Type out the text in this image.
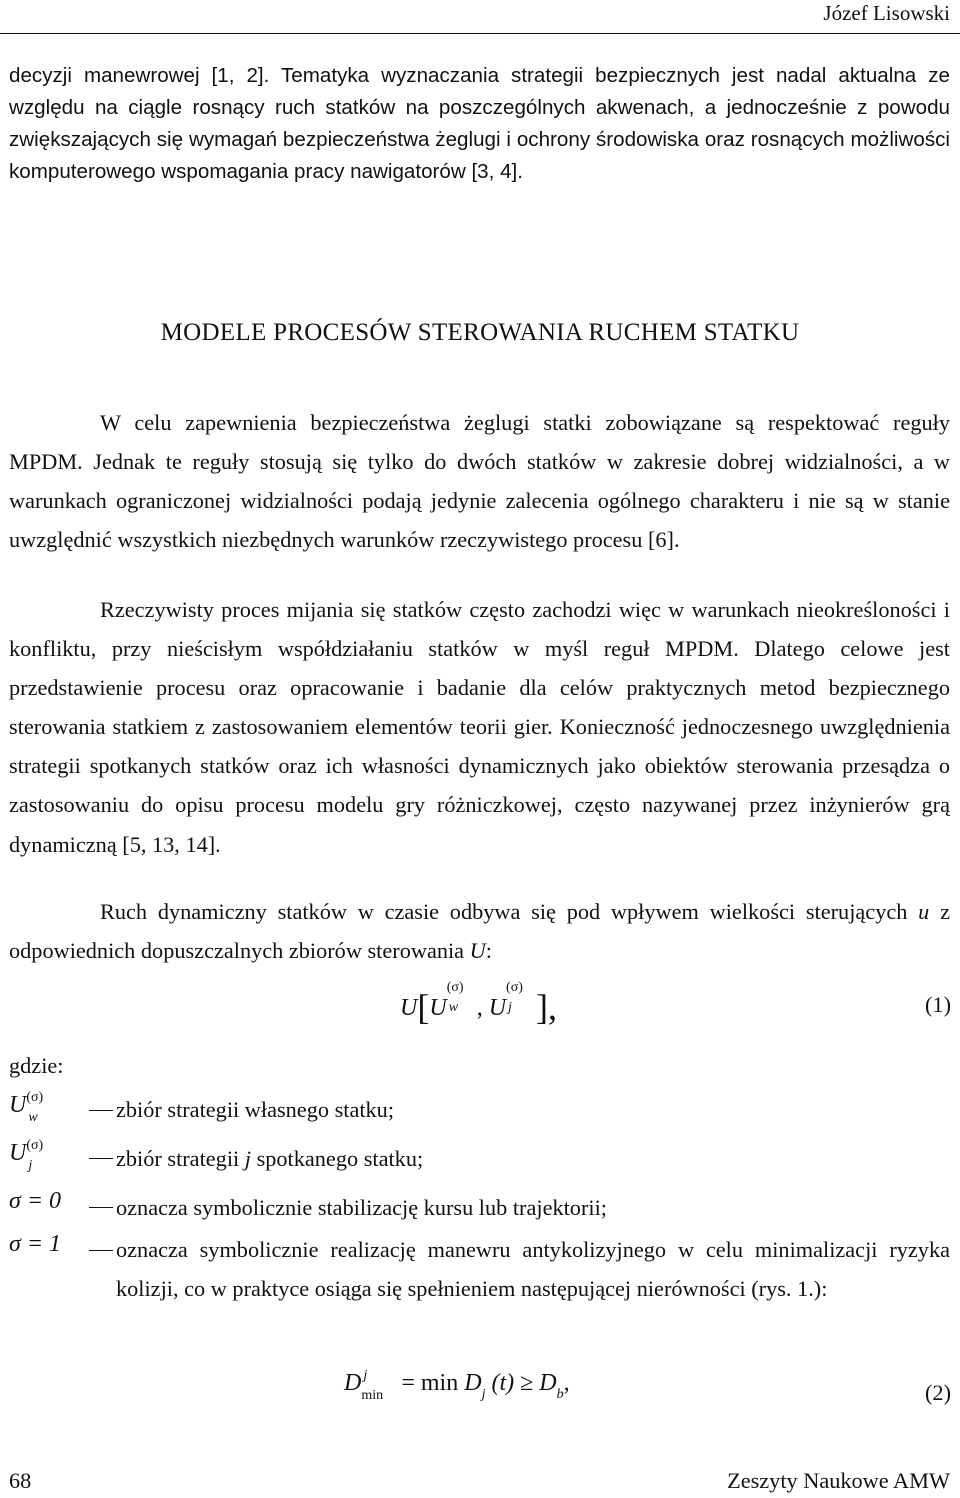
Józef Lisowski

decyzji manewrowej [1, 2]. Tematyka wyznaczania strategii bezpiecznych jest nadal aktualna ze względu na ciągle rosnący ruch statków na poszczególnych akwenach, a jednocześnie z powodu zwiększających się wymagań bezpieczeństwa żeglugi i ochrony środowiska oraz rosnących możliwości komputerowego wspomagania pracy nawigatorów [3, 4].

MODELE PROCESÓW STEROWANIA RUCHEM STATKU

W celu zapewnienia bezpieczeństwa żeglugi statki zobowiązane są respektować reguły MPDM. Jednak te reguły stosują się tylko do dwóch statków w zakresie dobrej widzialności, a w warunkach ograniczonej widzialności podają jedynie zalecenia ogólnego charakteru i nie są w stanie uwzględnić wszystkich niezbędnych warunków rzeczywistego procesu [6].

Rzeczywisty proces mijania się statków często zachodzi więc w warunkach nieokreśloności i konfliktu, przy nieścisłym współdziałaniu statków w myśl reguł MPDM. Dlatego celowe jest przedstawienie procesu oraz opracowanie i badanie dla celów praktycznych metod bezpiecznego sterowania statkiem z zastosowaniem elementów teorii gier. Konieczność jednoczesnego uwzględnienia strategii spotkanych statków oraz ich własności dynamicznych jako obiektów sterowania przesądza o zastosowaniu do opisu procesu modelu gry różniczkowej, często nazywanej przez inżynierów grą dynamiczną [5, 13, 14].

Ruch dynamiczny statków w czasie odbywa się pod wpływem wielkości sterujących u z odpowiednich dopuszczalnych zbiorów sterowania U:

U[U
(σ)
w , U
(σ)
j ],	(1)
gdzie:
U (σ)
w	zbiór strategii własnego statku;
U (σ)
j	zbiór strategii j spotkanego statku;
σ = 0 oznacza symbolicznie stabilizację kursu lub trajektorii;
σ = 1 oznacza symbolicznie realizację manewru antykolizyjnego w celu minimalizacji ryzyka kolizji, co w praktyce osiąga się spełnieniem następującej nierówności (rys. 1.):
D j
$\min = \min D_j$ $(t) \ge D_b$,	(2)
68	Zeszyty Naukowe AMW
